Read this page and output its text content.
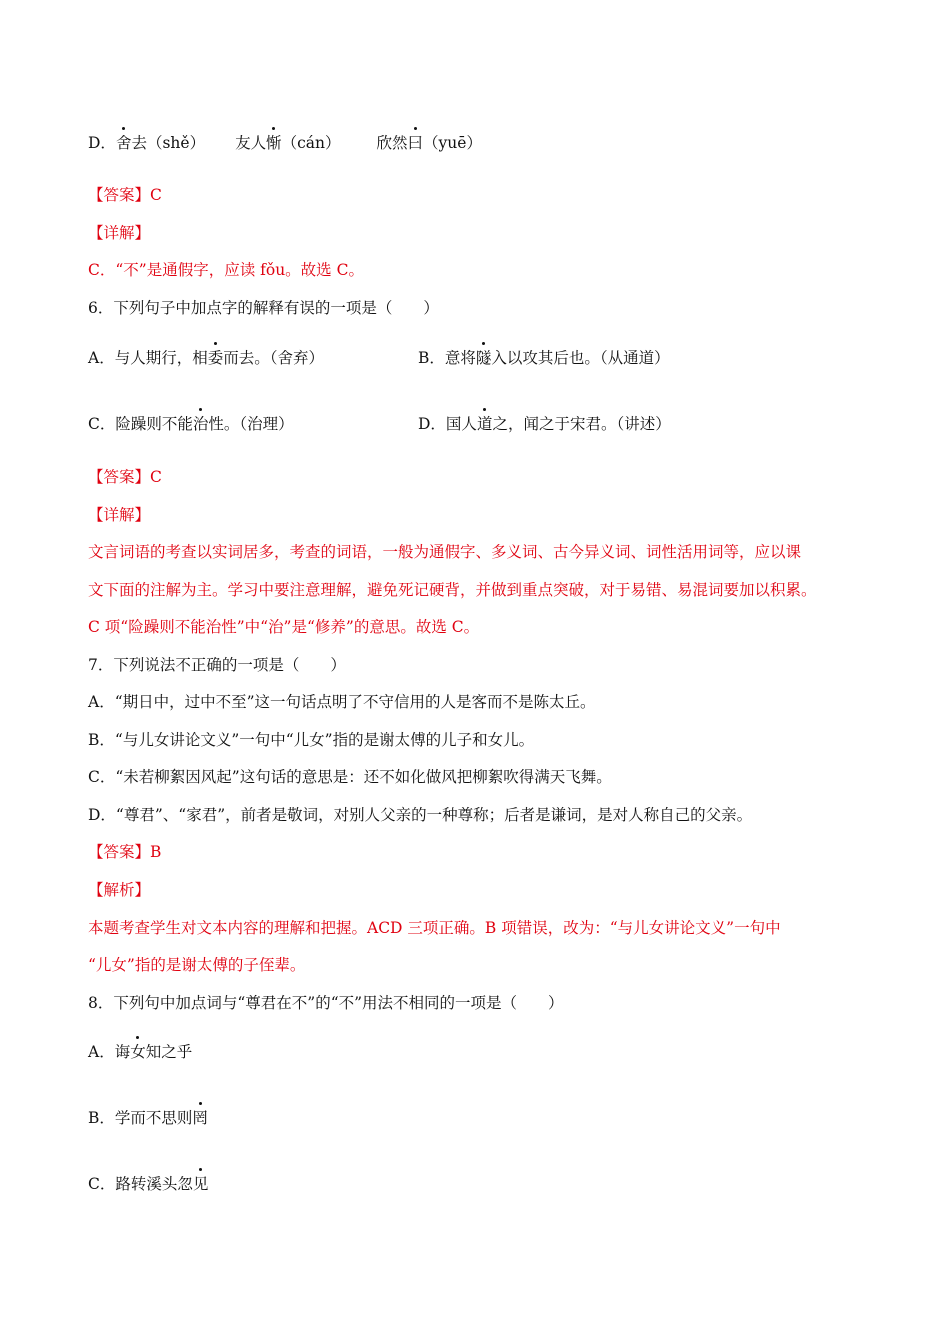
D．舍去（shě） 友人惭（cán） 欣然曰（yuē）
【答案】C
【详解】
C．“不”是通假字，应读 fǒu。故选 C。
6．下列句子中加点字的解释有误的一项是（　　）
A．与人期行，相委而去。（舍弃）	B．意将隧入以攻其后也。（从通道）
C．险躁则不能治性。（治理）	D．国人道之，闻之于宋君。（讲述）
【答案】C
【详解】
文言词语的考查以实词居多，考查的词语，一般为通假字、多义词、古今异义词、词性活用词等，应以课
文下面的注解为主。学习中要注意理解，避免死记硬背，并做到重点突破，对于易错、易混词要加以积累。
C 项“险躁则不能治性”中“治”是“修养”的意思。故选 C。
7．下列说法不正确的一项是（　　）
A．“期日中，过中不至”这一句话点明了不守信用的人是客而不是陈太丘。
B．“与儿女讲论文义”一句中“儿女”指的是谢太傅的儿子和女儿。
C．“未若柳絮因风起”这句话的意思是：还不如化做风把柳絮吹得满天飞舞。
D．“尊君”、“家君”，前者是敬词，对别人父亲的一种尊称；后者是谦词，是对人称自己的父亲。
【答案】B
【解析】
本题考查学生对文本内容的理解和把握。ACD 三项正确。B 项错误，改为：“与儿女讲论文义”一句中
“儿女”指的是谢太傅的子侄辈。
8．下列句中加点词与“尊君在不”的“不”用法不相同的一项是（　　）
A．诲女知之乎
B．学而不思则罔
C．路转溪头忽见
